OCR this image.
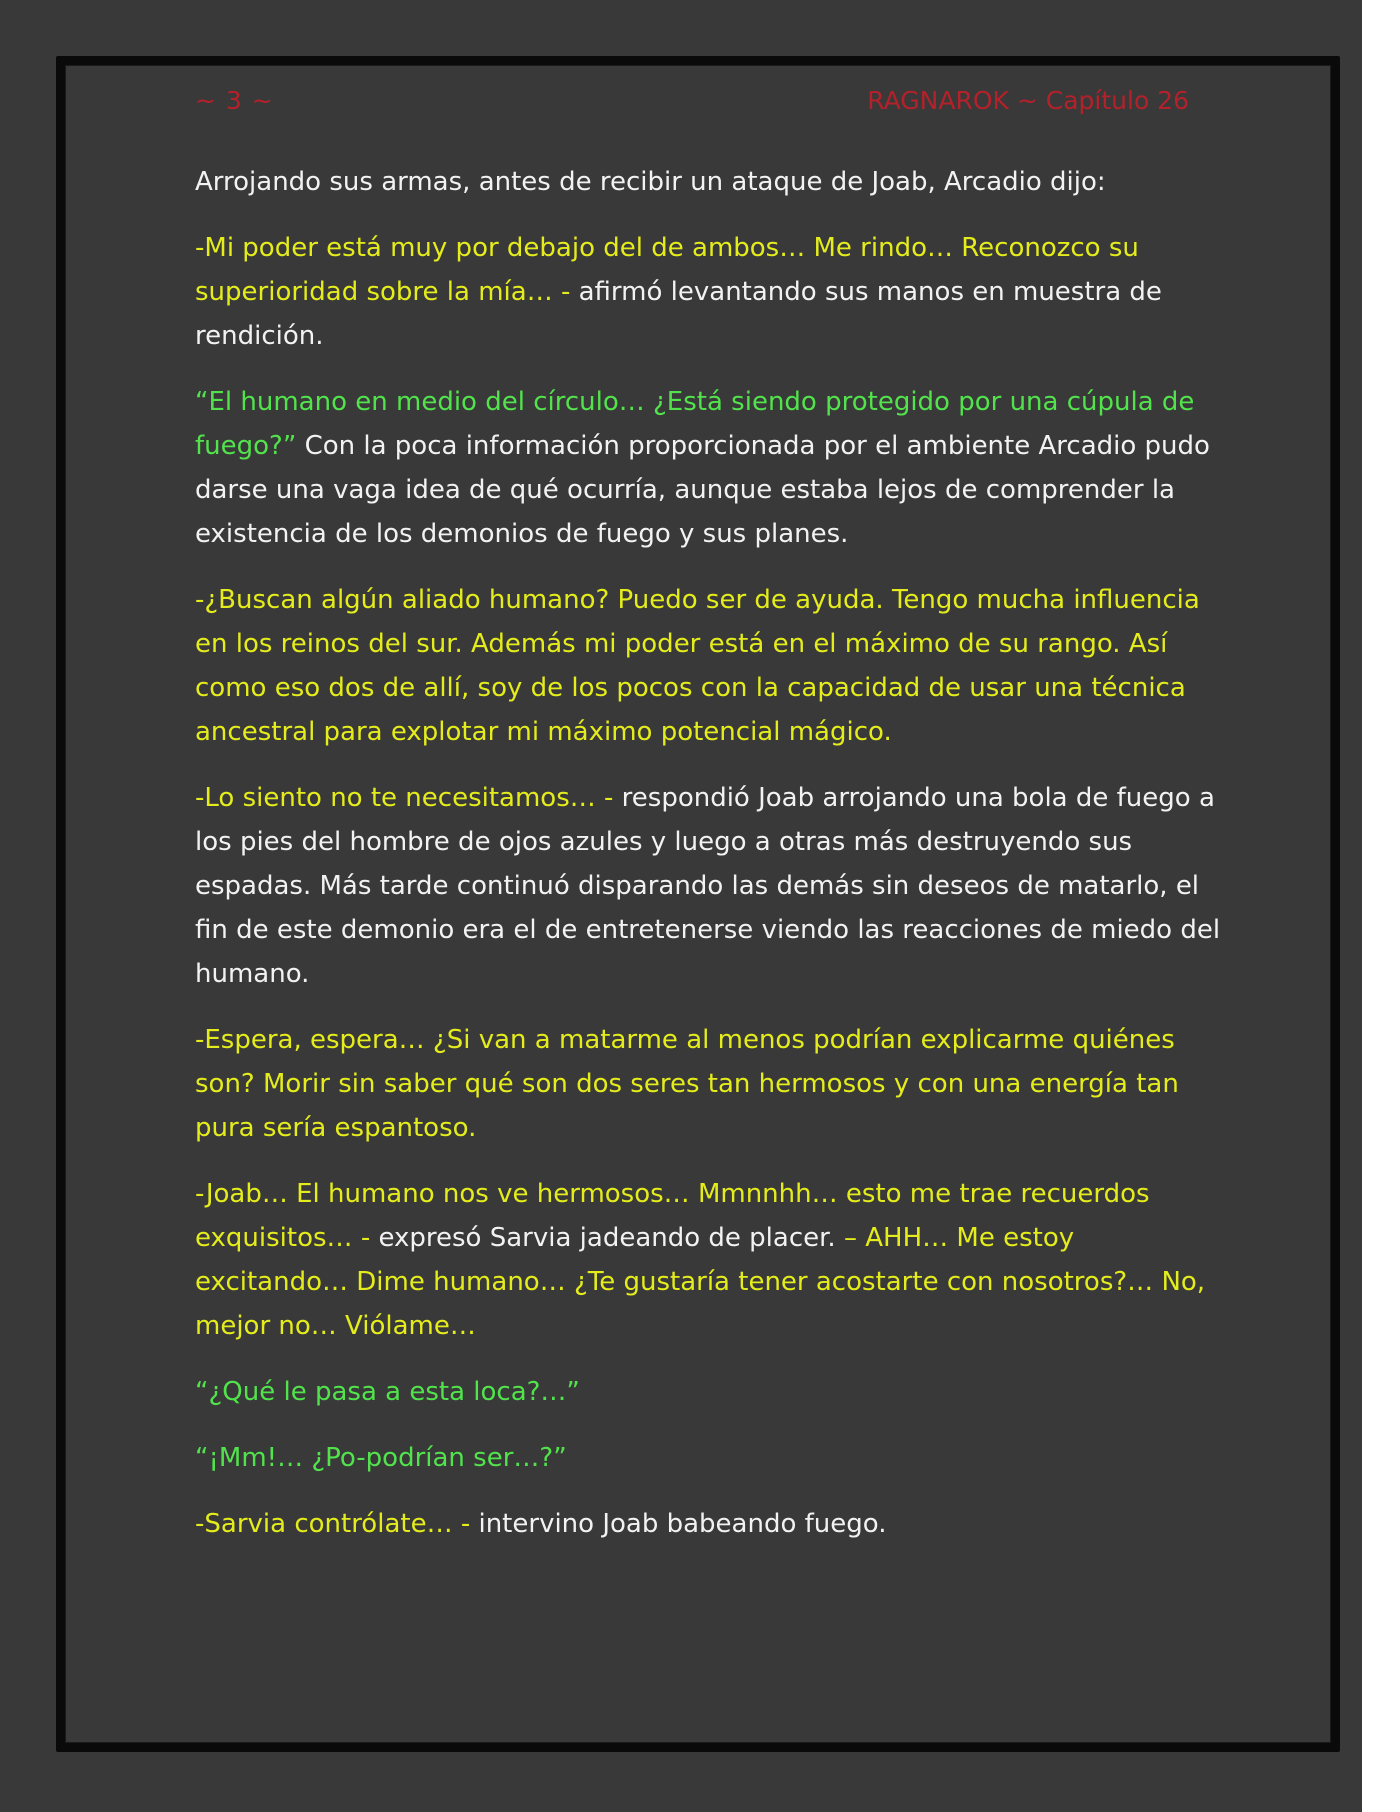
~ 3 ~	RAGNAROK ~ Capítulo 26

Arrojando sus armas, antes de recibir un ataque de Joab, Arcadio dijo:

-Mi poder está muy por debajo del de ambos… Me rindo… Reconozco su superioridad sobre la mía… - afirmó levantando sus manos en muestra de rendición.

“El humano en medio del círculo… ¿Está siendo protegido por una cúpula de fuego?” Con la poca información proporcionada por el ambiente Arcadio pudo darse una vaga idea de qué ocurría, aunque estaba lejos de comprender la existencia de los demonios de fuego y sus planes.

-¿Buscan algún aliado humano? Puedo ser de ayuda. Tengo mucha influencia en los reinos del sur. Además mi poder está en el máximo de su rango. Así como eso dos de allí, soy de los pocos con la capacidad de usar una técnica ancestral para explotar mi máximo potencial mágico.

-Lo siento no te necesitamos… - respondió Joab arrojando una bola de fuego a los pies del hombre de ojos azules y luego a otras más destruyendo sus espadas. Más tarde continuó disparando las demás sin deseos de matarlo, el fin de este demonio era el de entretenerse viendo las reacciones de miedo del humano.

-Espera, espera… ¿Si van a matarme al menos podrían explicarme quiénes son? Morir sin saber qué son dos seres tan hermosos y con una energía tan pura sería espantoso.

-Joab… El humano nos ve hermosos… Mmnnhh… esto me trae recuerdos exquisitos… - expresó Sarvia jadeando de placer. – AHH… Me estoy excitando… Dime humano… ¿Te gustaría tener acostarte con nosotros?… No, mejor no… Viólame…

“¿Qué le pasa a esta loca?…”

“¡Mm!… ¿Po-podrían ser…?”

-Sarvia contrólate… - intervino Joab babeando fuego.
